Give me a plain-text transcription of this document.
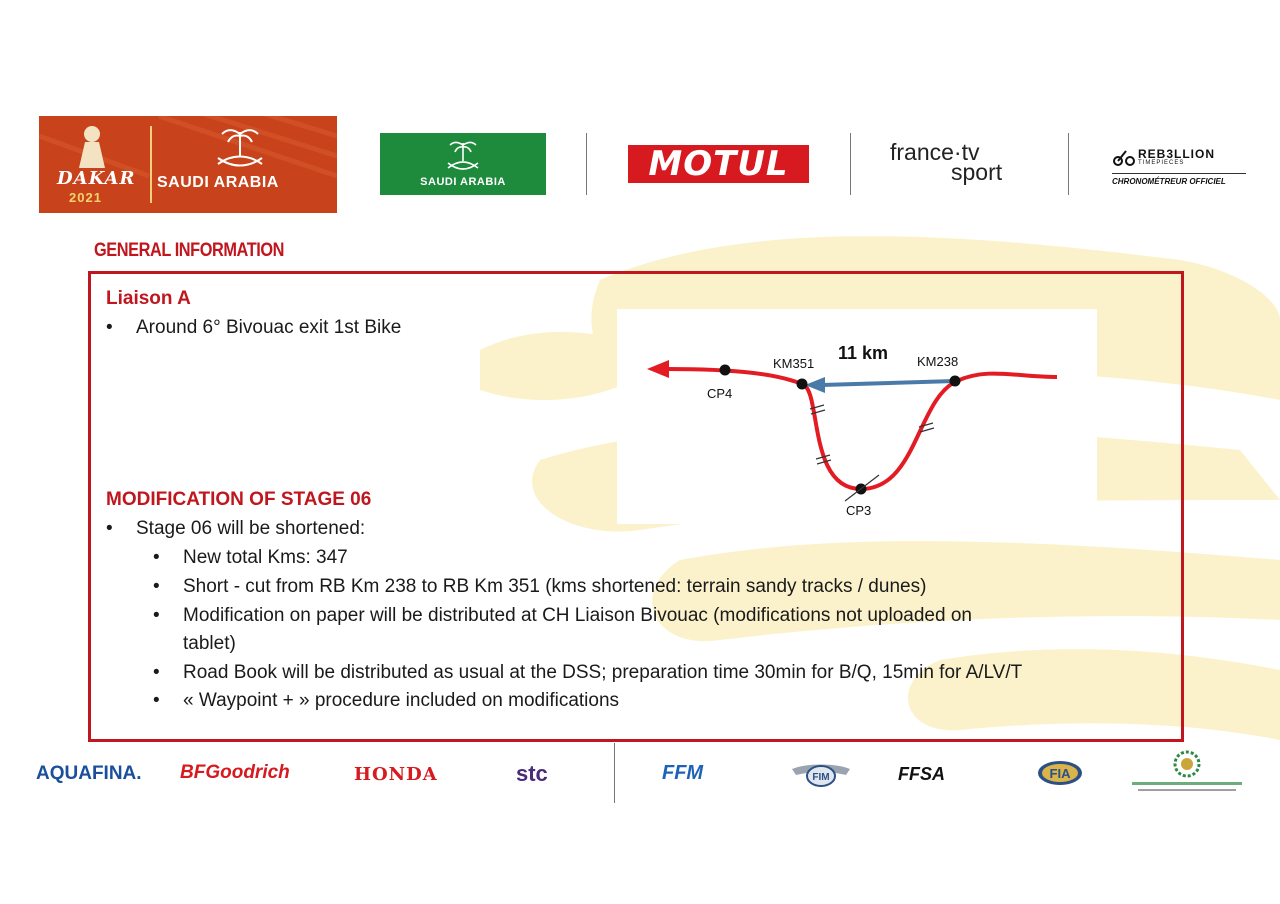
DAKAR
2021
SAUDI ARABIA	SAUDI ARABIA	MOTUL	france·tv
sport
REB3LLION
TIMEPIECES
CHRONOMÉTREUR OFFICIEL
GENERAL INFORMATION
Liaison A
• Around 6° Bivouac exit 1st Bike
KM351	KM238
CP4
CP3
11 km
MODIFICATION OF STAGE 06
• Stage 06 will be shortened:
• New total Kms: 347
• Short - cut from RB Km 238 to RB Km 351 (kms shortened: terrain sandy tracks / dunes)
• Modification on paper will be distributed at CH Liaison Bivouac (modifications not uploaded on
tablet)
• Road Book will be distributed as usual at the DSS; preparation time 30min for B/Q, 15min for A/LV/T
• « Waypoint + » procedure included on modifications
AQUAFINA. BFGoodrich	HONDA	stc	FFM	FIM	FFSA	FIA
